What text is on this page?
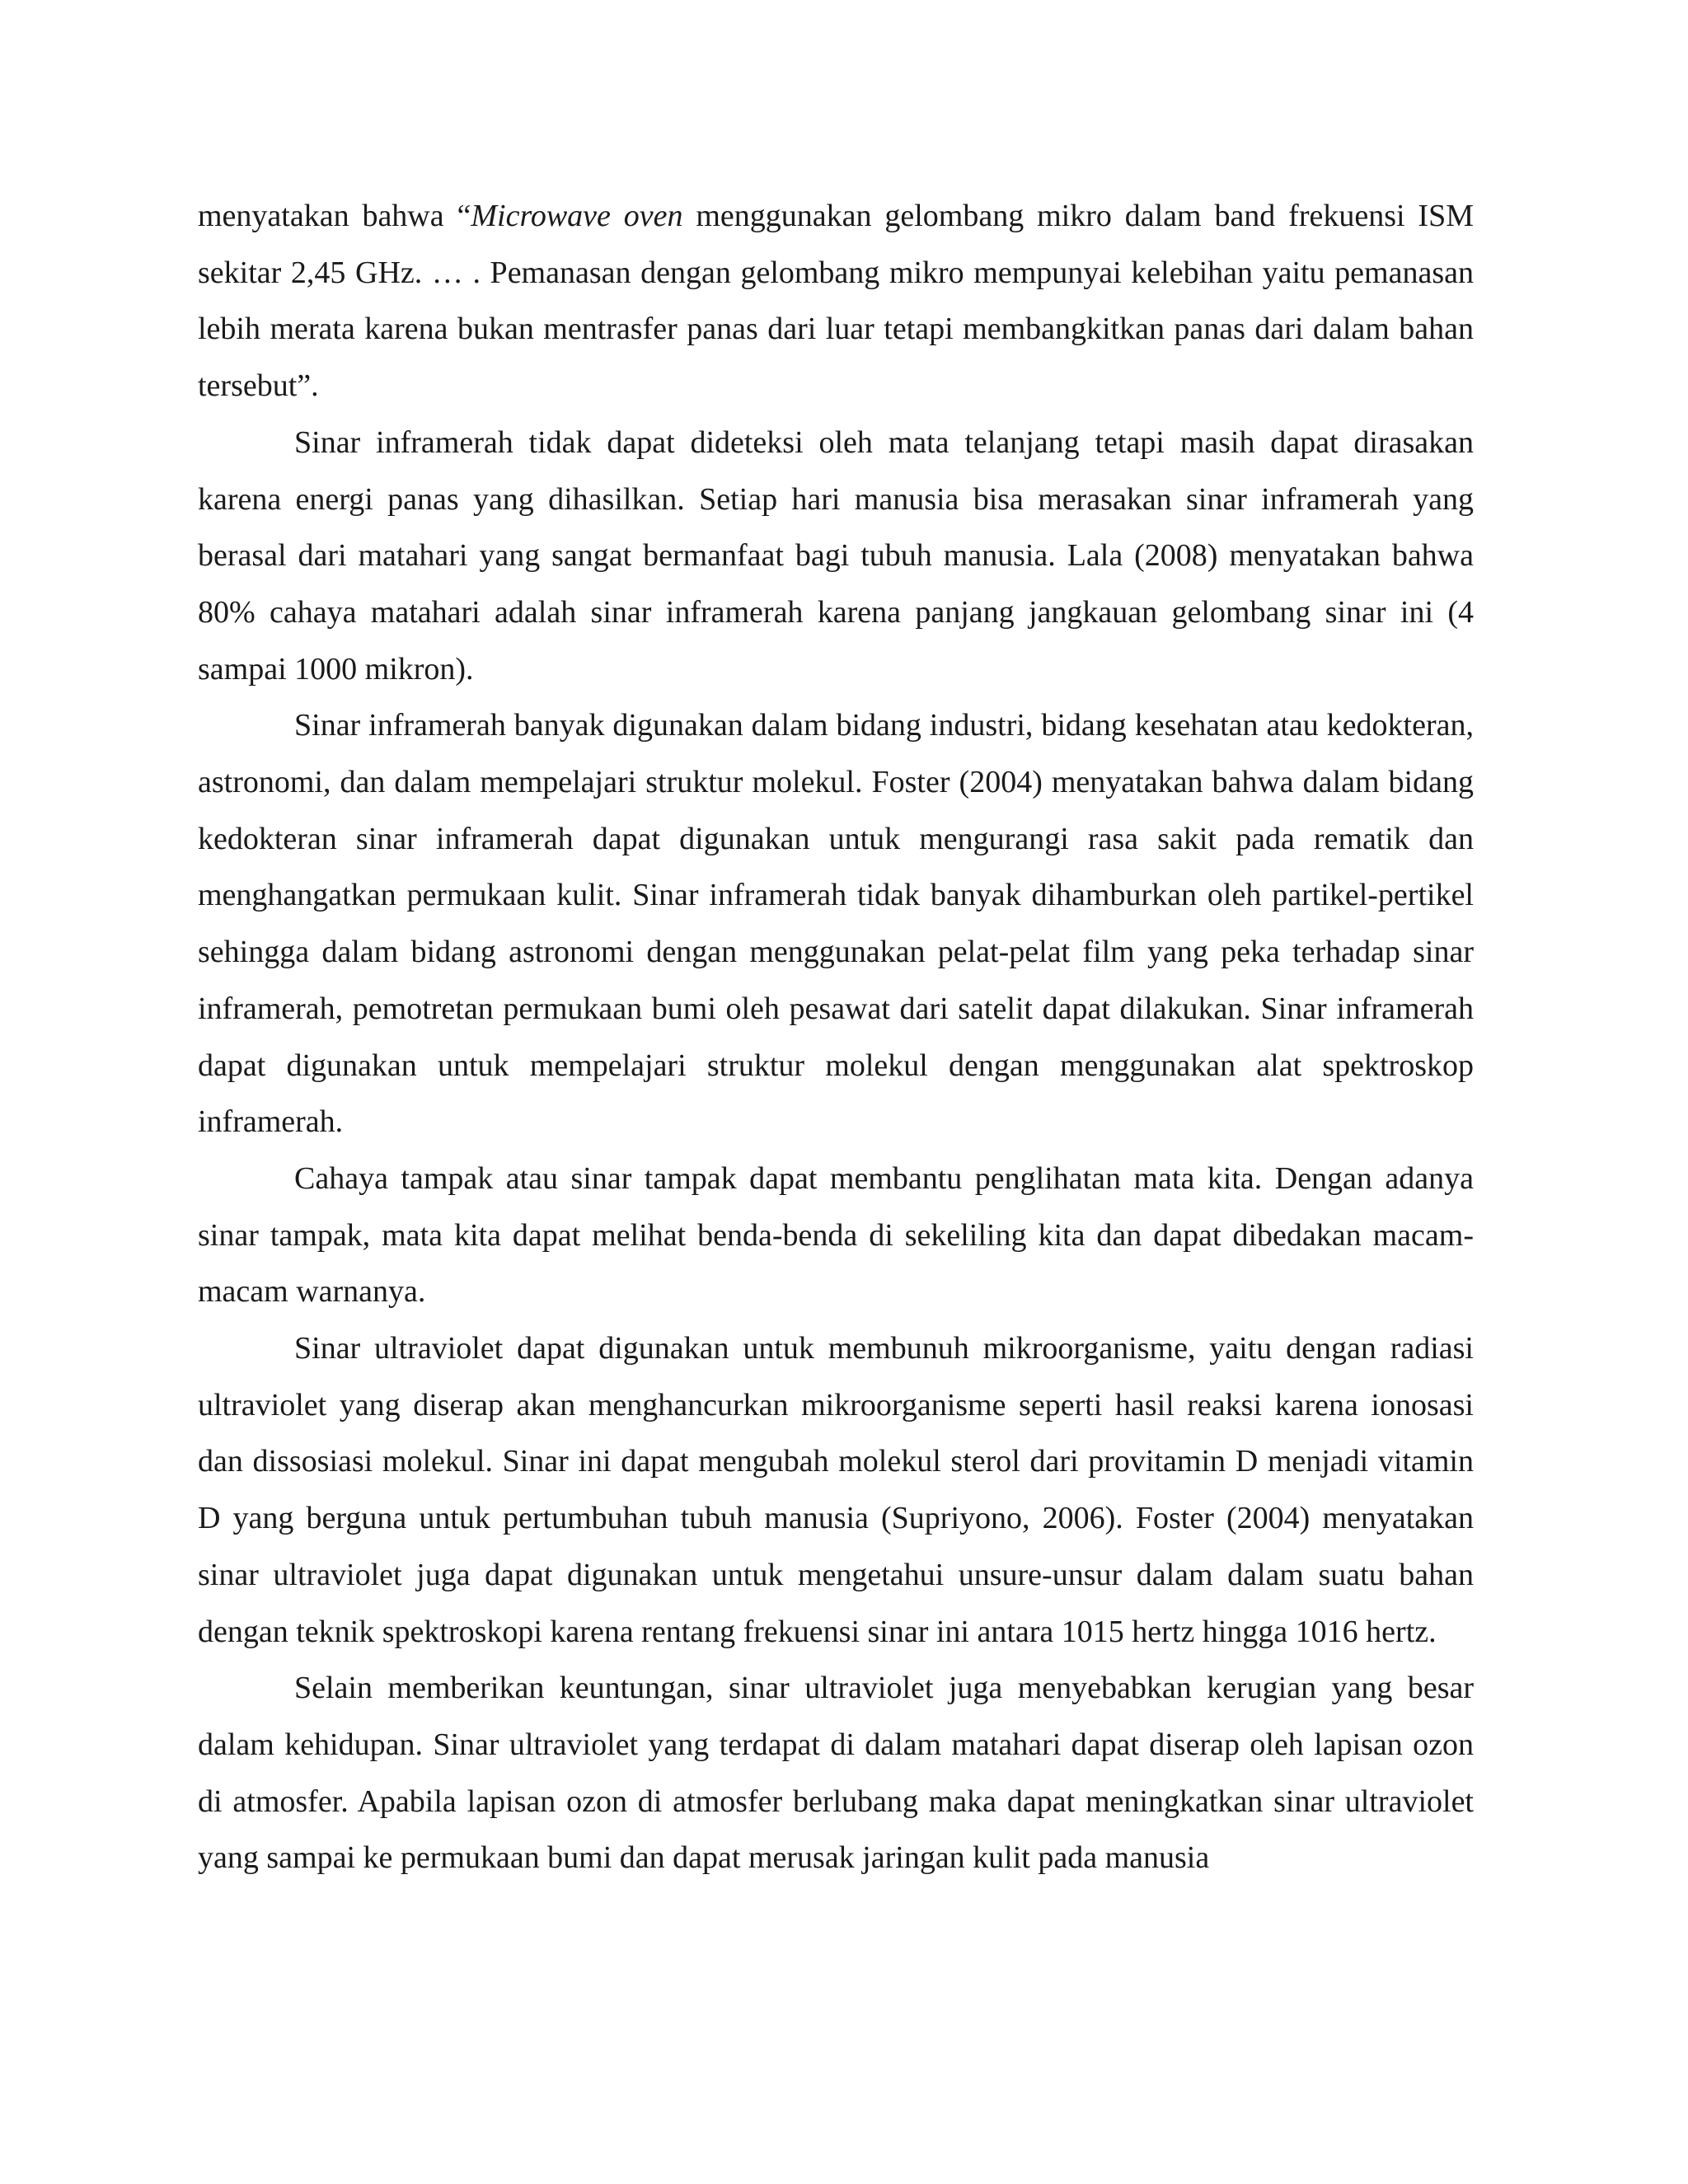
menyatakan bahwa “Microwave oven menggunakan gelombang mikro dalam band frekuensi ISM sekitar 2,45 GHz. … . Pemanasan dengan gelombang mikro mempunyai kelebihan yaitu pemanasan lebih merata karena bukan mentrasfer panas dari luar tetapi membangkitkan panas dari dalam bahan tersebut”.

Sinar inframerah tidak dapat dideteksi oleh mata telanjang tetapi masih dapat dirasakan karena energi panas yang dihasilkan. Setiap hari manusia bisa merasakan sinar inframerah yang berasal dari matahari yang sangat bermanfaat bagi tubuh manusia. Lala (2008) menyatakan bahwa 80% cahaya matahari adalah sinar inframerah karena panjang jangkauan gelombang sinar ini (4 sampai 1000 mikron).

Sinar inframerah banyak digunakan dalam bidang industri, bidang kesehatan atau kedokteran, astronomi, dan dalam mempelajari struktur molekul. Foster (2004) menyatakan bahwa dalam bidang kedokteran sinar inframerah dapat digunakan untuk mengurangi rasa sakit pada rematik dan menghangatkan permukaan kulit. Sinar inframerah tidak banyak dihamburkan oleh partikel-pertikel sehingga dalam bidang astronomi dengan menggunakan pelat-pelat film yang peka terhadap sinar inframerah, pemotretan permukaan bumi oleh pesawat dari satelit dapat dilakukan. Sinar inframerah dapat digunakan untuk mempelajari struktur molekul dengan menggunakan alat spektroskop inframerah.

Cahaya tampak atau sinar tampak dapat membantu penglihatan mata kita. Dengan adanya sinar tampak, mata kita dapat melihat benda-benda di sekeliling kita dan dapat dibedakan macam-macam warnanya.

Sinar ultraviolet dapat digunakan untuk membunuh mikroorganisme, yaitu dengan radiasi ultraviolet yang diserap akan menghancurkan mikroorganisme seperti hasil reaksi karena ionosasi dan dissosiasi molekul. Sinar ini dapat mengubah molekul sterol dari provitamin D menjadi vitamin D yang berguna untuk pertumbuhan tubuh manusia (Supriyono, 2006). Foster (2004) menyatakan sinar ultraviolet juga dapat digunakan untuk mengetahui unsure-unsur dalam dalam suatu bahan dengan teknik spektroskopi karena rentang frekuensi sinar ini antara 1015 hertz hingga 1016 hertz.

Selain memberikan keuntungan, sinar ultraviolet juga menyebabkan kerugian yang besar dalam kehidupan. Sinar ultraviolet yang terdapat di dalam matahari dapat diserap oleh lapisan ozon di atmosfer. Apabila lapisan ozon di atmosfer berlubang maka dapat meningkatkan sinar ultraviolet yang sampai ke permukaan bumi dan dapat merusak jaringan kulit pada manusia
